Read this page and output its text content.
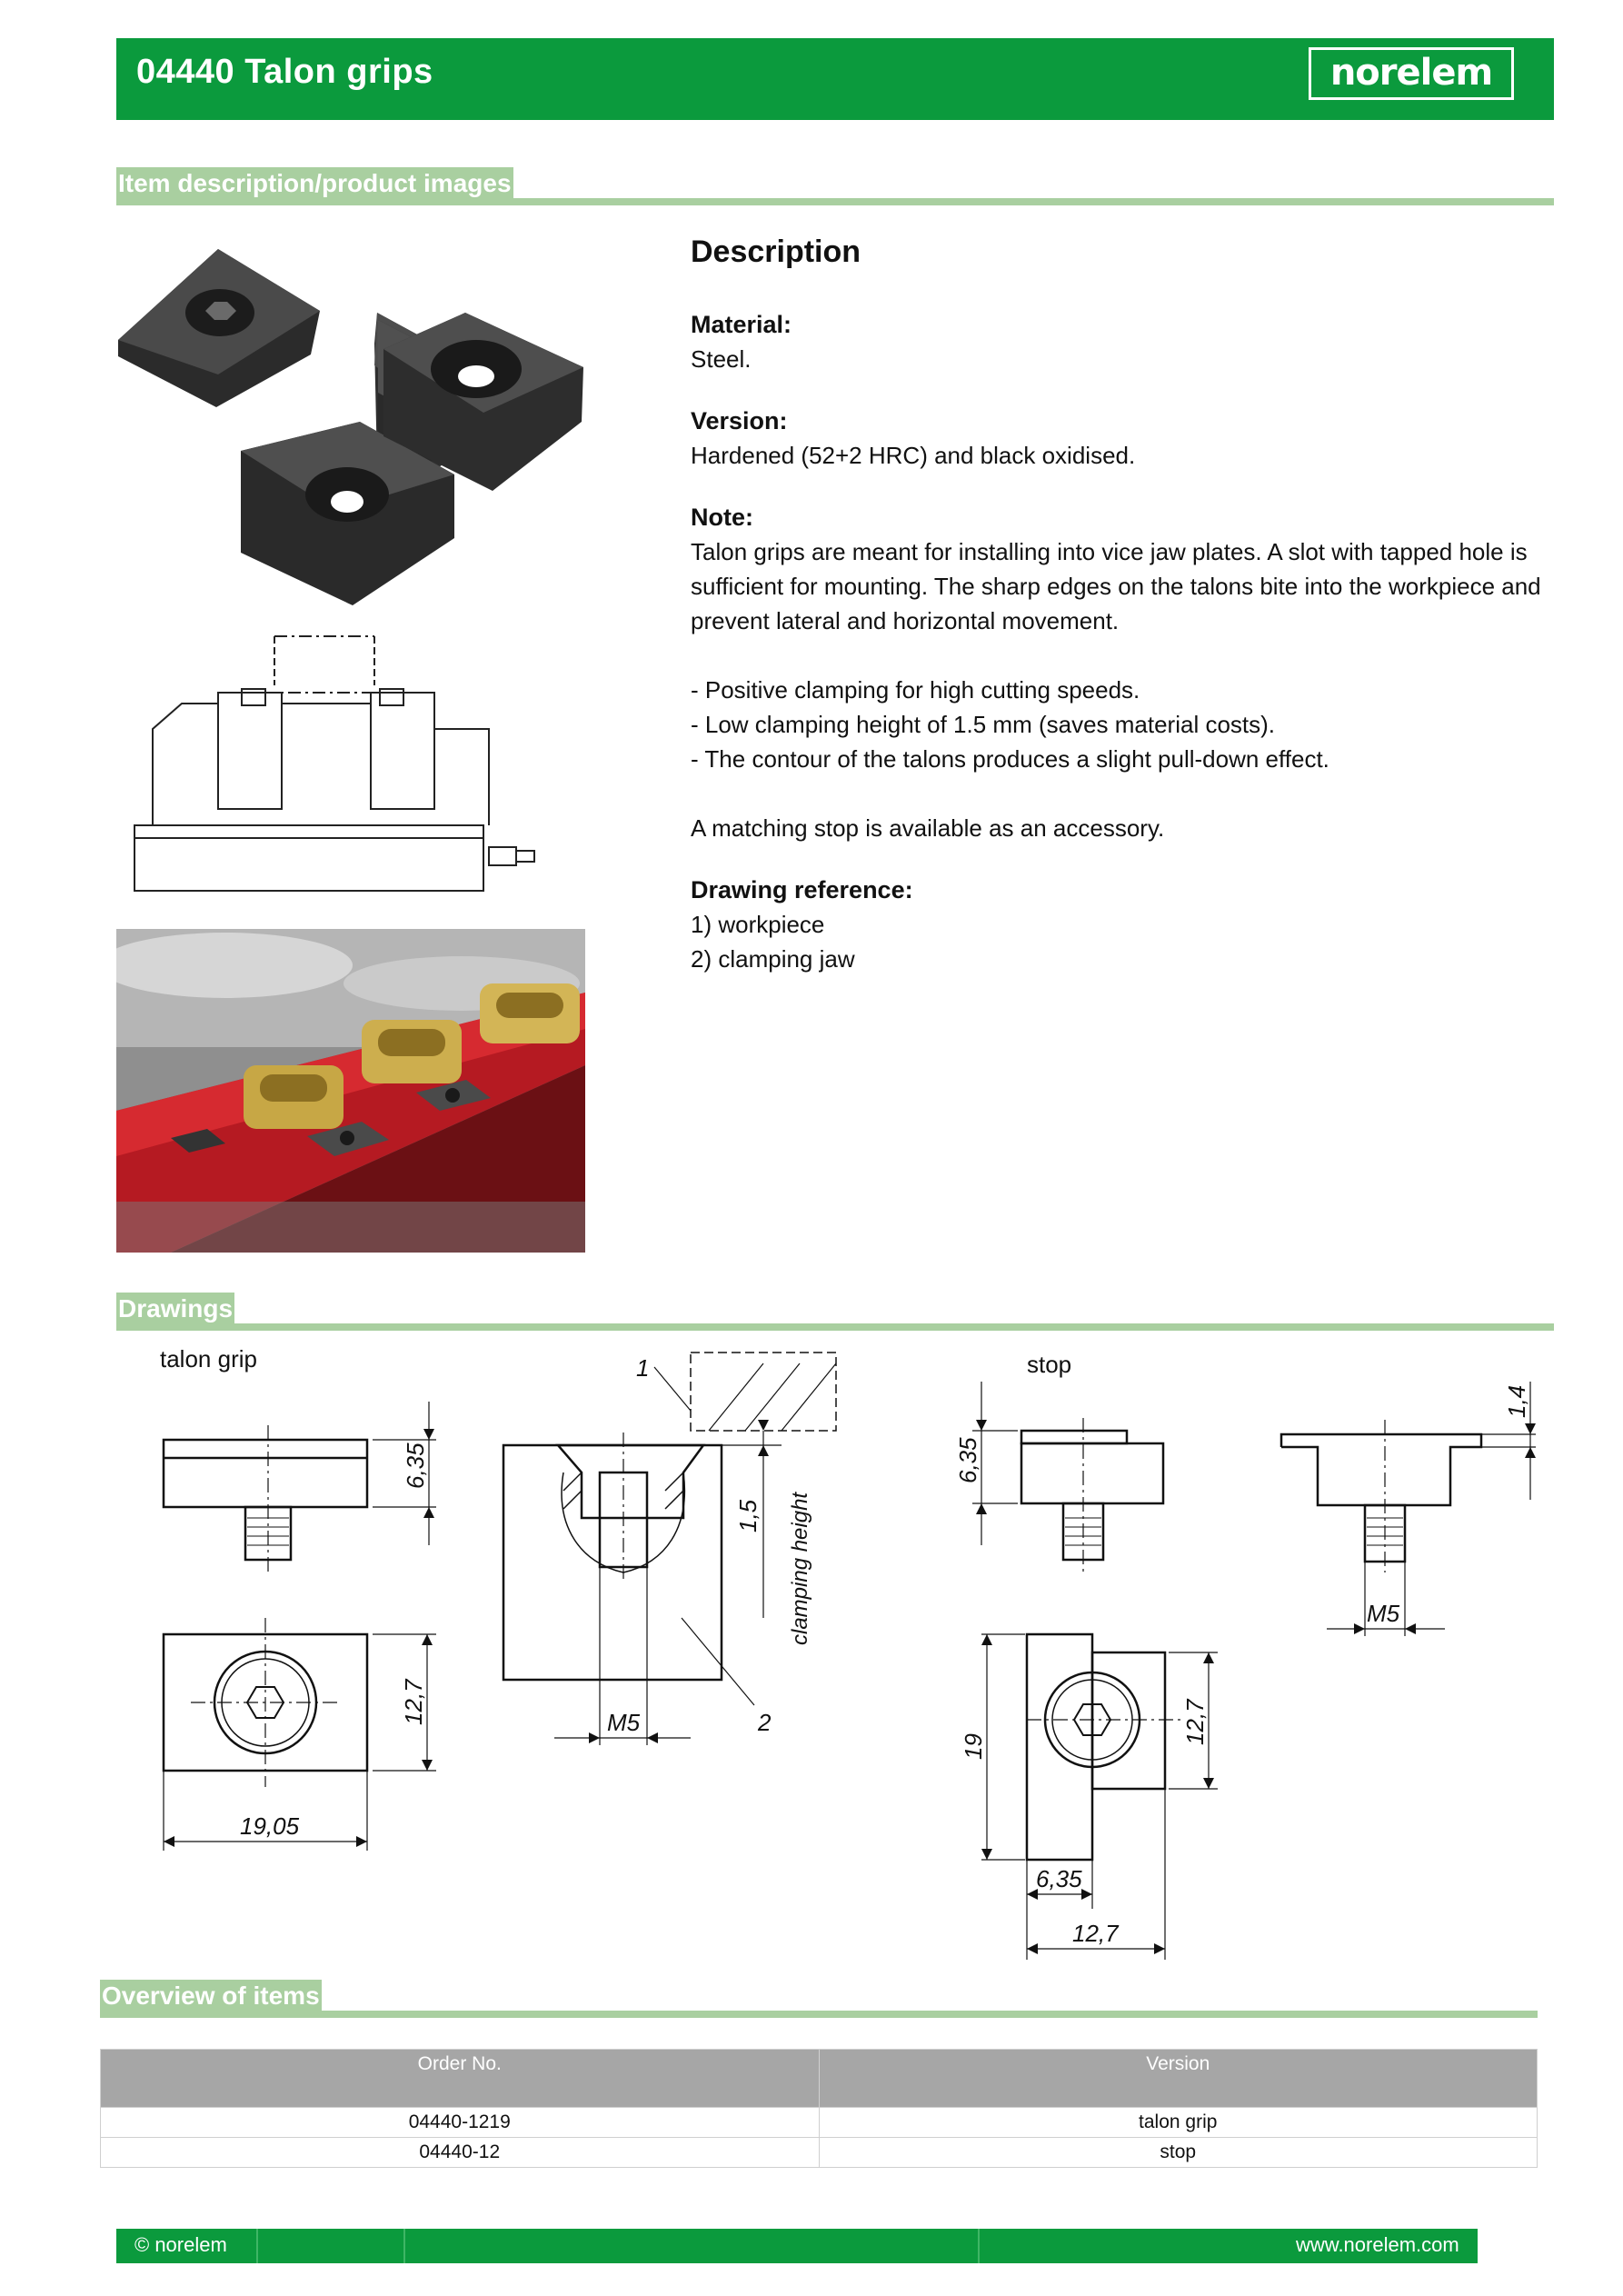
04440 Talon grips	norelem
Item description/product images
Description
Material:
Steel.
Version:
Hardened (52+2 HRC) and black oxidised.
Note:
Talon grips are meant for installing into vice jaw plates. A slot with tapped hole is
sufficient for mounting. The sharp edges on the talons bite into the workpiece and
prevent lateral and horizontal movement.
- Positive clamping for high cutting speeds.
- Low clamping height of 1.5 mm (saves material costs).
- The contour of the talons produces a slight pull-down effect.
A matching stop is available as an accessory.
Drawing reference:
1) workpiece
2) clamping jaw
Drawings
talon grip	stop
6,35
12,7
19,05
M5
1,5 clamping height
1
2
6,35
19
12,7
6,35
12,7
1,4
M5
Overview of items
Order No.	Version
04440-1219	talon grip
04440-12	stop
© norelem	www.norelem.com
